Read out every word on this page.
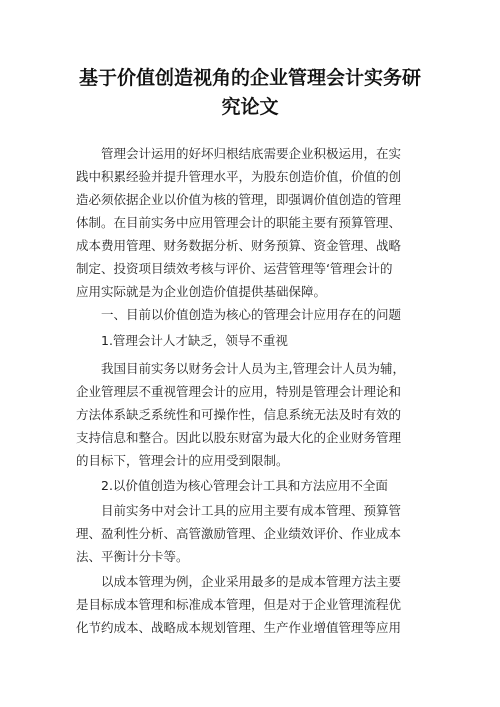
基于价值创造视角的企业管理会计实务研
究论文
　　管理会计运用的好坏归根结底需要企业积极运用，在实
践中积累经验并提升管理水平，为股东创造价值，价值的创
造必须依据企业以价值为核的管理，即强调价值创造的管理
体制。在目前实务中应用管理会计的职能主要有预算管理、
成本费用管理、财务数据分析、财务预算、资金管理、战略
制定、投资项目绩效考核与评价、运营管理等‘管理会计的
应用实际就是为企业创造价值提供基础保障。
　　一、目前以价值创造为核心的管理会计应用存在的问题
　　1.管理会计人才缺乏，领导不重视
　　我国目前实务以财务会计人员为主,管理会计人员为辅，
企业管理层不重视管理会计的应用，特别是管理会计理论和
方法体系缺乏系统性和可操作性，信息系统无法及时有效的
支持信息和整合。因此以股东财富为最大化的企业财务管理
的目标下，管理会计的应用受到限制。
　　2.以价值创造为核心管理会计工具和方法应用不全面
　　目前实务中对会计工具的应用主要有成本管理、预算管
理、盈利性分析、高管激励管理、企业绩效评价、作业成本
法、平衡计分卡等。
　　以成本管理为例，企业采用最多的是成本管理方法主要
是目标成本管理和标准成本管理，但是对于企业管理流程优
化节约成本、战略成本规划管理、生产作业增值管理等应用
